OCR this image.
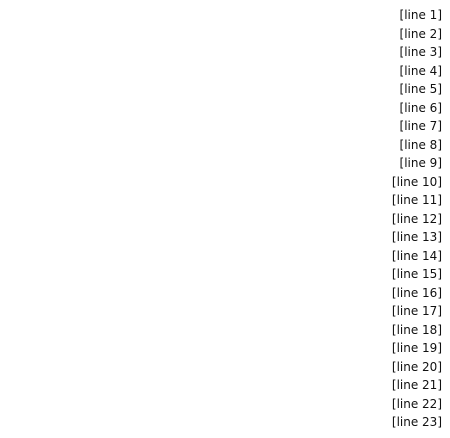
[line 1]
[line 2]
[line 3]
[line 4]
[line 5]
[line 6]
[line 7]
[line 8]
[line 9]
[line 10]
[line 11]
[line 12]
[line 13]
[line 14]
[line 15]
[line 16]
[line 17]
[line 18]
[line 19]
[line 20]
[line 21]
[line 22]
[line 23]
